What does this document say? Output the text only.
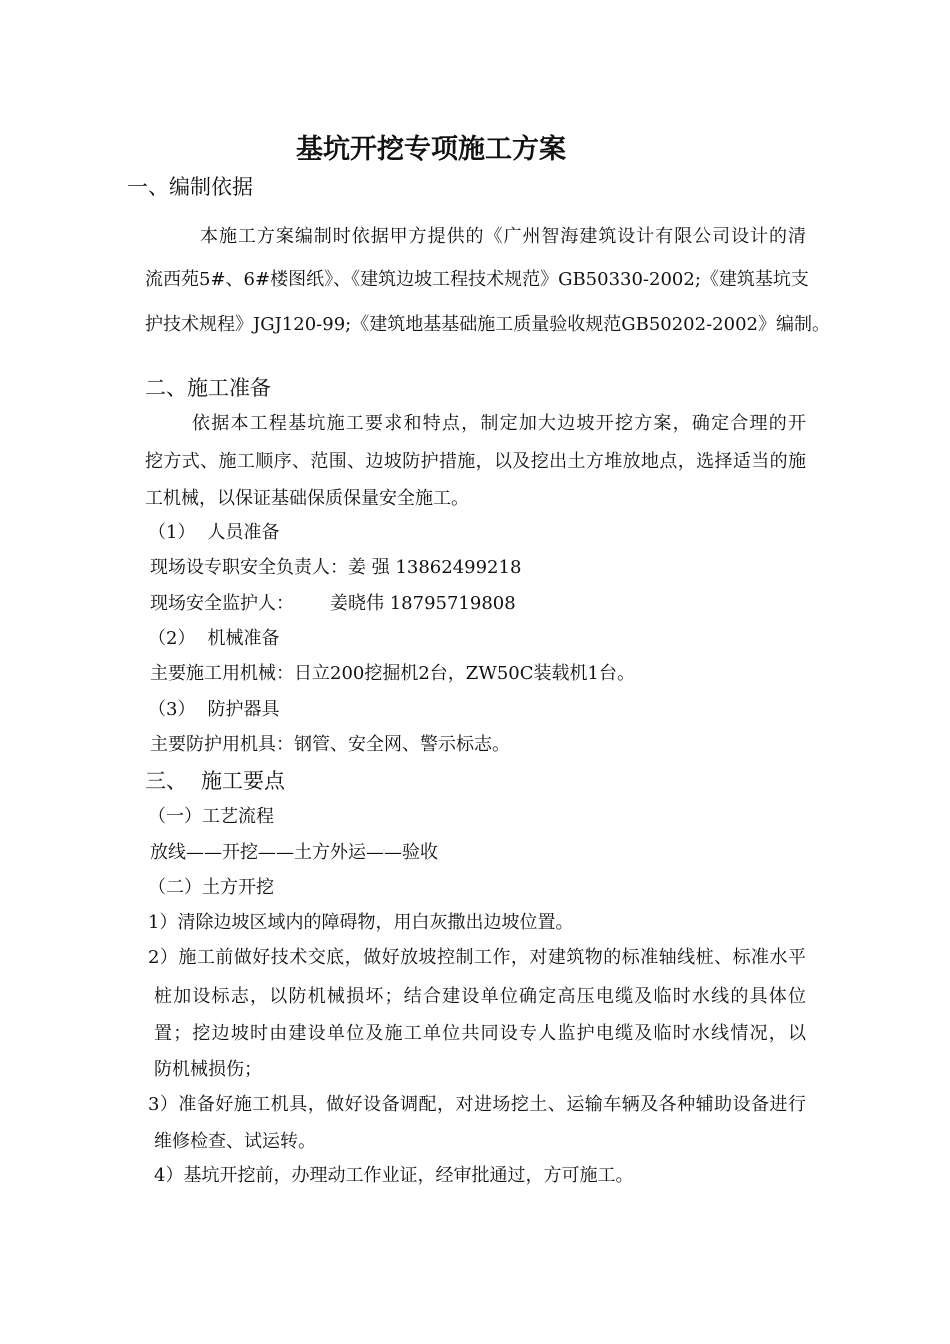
基坑开挖专项施工方案
一、编制依据
本施工方案编制时依据甲方提供的《广州智海建筑设计有限公司设计的清
流西苑5#、6#楼图纸》、《建筑边坡工程技术规范》GB50330-2002;《建筑基坑支
护技术规程》JGJ120-99;《建筑地基基础施工质量验收规范GB50202-2002》编制。
二、施工准备
依据本工程基坑施工要求和特点，制定加大边坡开挖方案，确定合理的开
挖方式、施工顺序、范围、边坡防护措施，以及挖出土方堆放地点，选择适当的施
工机械，以保证基础保质保量安全施工。
（1） 人员准备
现场设专职安全负责人：姜 强 13862499218
现场安全监护人： 姜晓伟 18795719808
（2） 机械准备
主要施工用机械：日立200挖掘机2台，ZW50C装载机1台。
（3） 防护器具
主要防护用机具：钢管、安全网、警示标志。
三、 施工要点
（一）工艺流程
放线——开挖——土方外运——验收
（二）土方开挖
1）清除边坡区域内的障碍物，用白灰撒出边坡位置。
2）施工前做好技术交底，做好放坡控制工作，对建筑物的标准轴线桩、标准水平
桩加设标志，以防机械损坏；结合建设单位确定高压电缆及临时水线的具体位
置；挖边坡时由建设单位及施工单位共同设专人监护电缆及临时水线情况，以
防机械损伤；
3）准备好施工机具，做好设备调配，对进场挖土、运输车辆及各种辅助设备进行
维修检查、试运转。
4）基坑开挖前，办理动工作业证，经审批通过，方可施工。
